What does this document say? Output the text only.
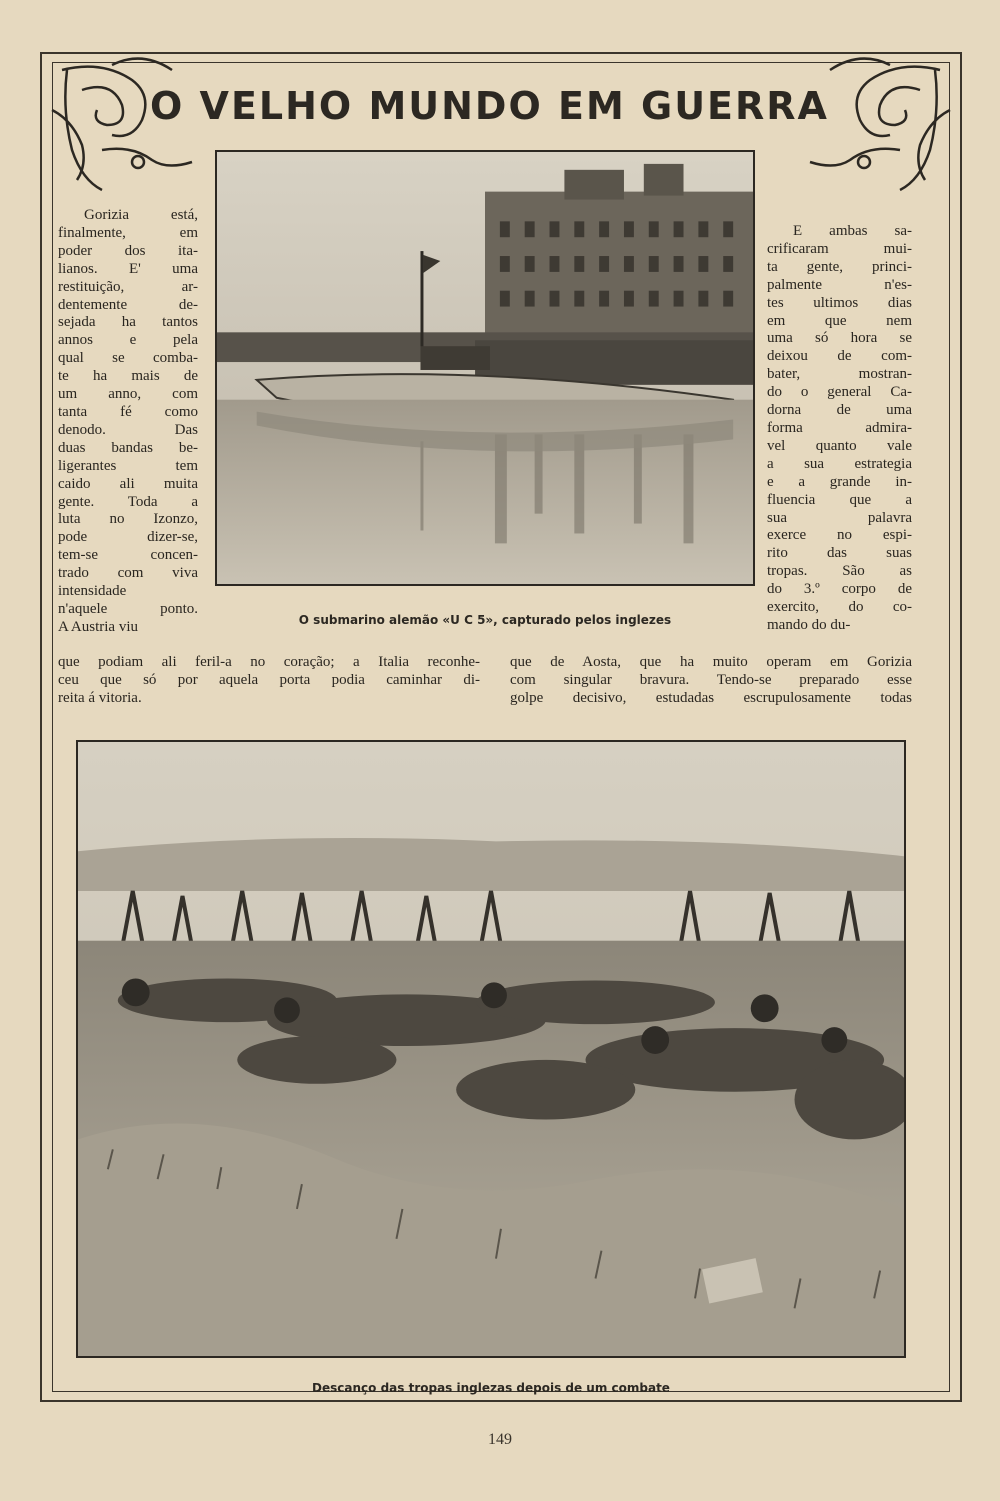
O VELHO MUNDO EM GUERRA
O submarino alemão «U C 5», capturado pelos inglezes
Gorizia está,
finalmente, em
poder dos ita-
lianos. E' uma
restituição, ar-
dentemente de-
sejada ha tantos
annos e pela
qual se comba-
te ha mais de
um anno, com
tanta fé como
denodo. Das
duas bandas be-
ligerantes tem
caido ali muita
gente. Toda a
luta no Izonzo,
pode dizer-se,
tem-se concen-
trado com viva
intensidade
n'aquele ponto.
A Austria viu
E ambas sa-
crificaram mui-
ta gente, princi-
palmente n'es-
tes ultimos dias
em que nem
uma só hora se
deixou de com-
bater, mostran-
do o general Ca-
dorna de uma
forma admira-
vel quanto vale
a sua estrategia
e a grande in-
fluencia que a
sua palavra
exerce no espi-
rito das suas
tropas. São as
do 3.º corpo de
exercito, do co-
mando do du-
que podiam ali feril-a no coração; a Italia reconhe-
ceu que só por aquela porta podia caminhar di-
reita á vitoria.
que de Aosta, que ha muito operam em Gorizia
com singular bravura. Tendo-se preparado esse
golpe decisivo, estudadas escrupulosamente todas
Descanço das tropas inglezas depois de um combate
149
